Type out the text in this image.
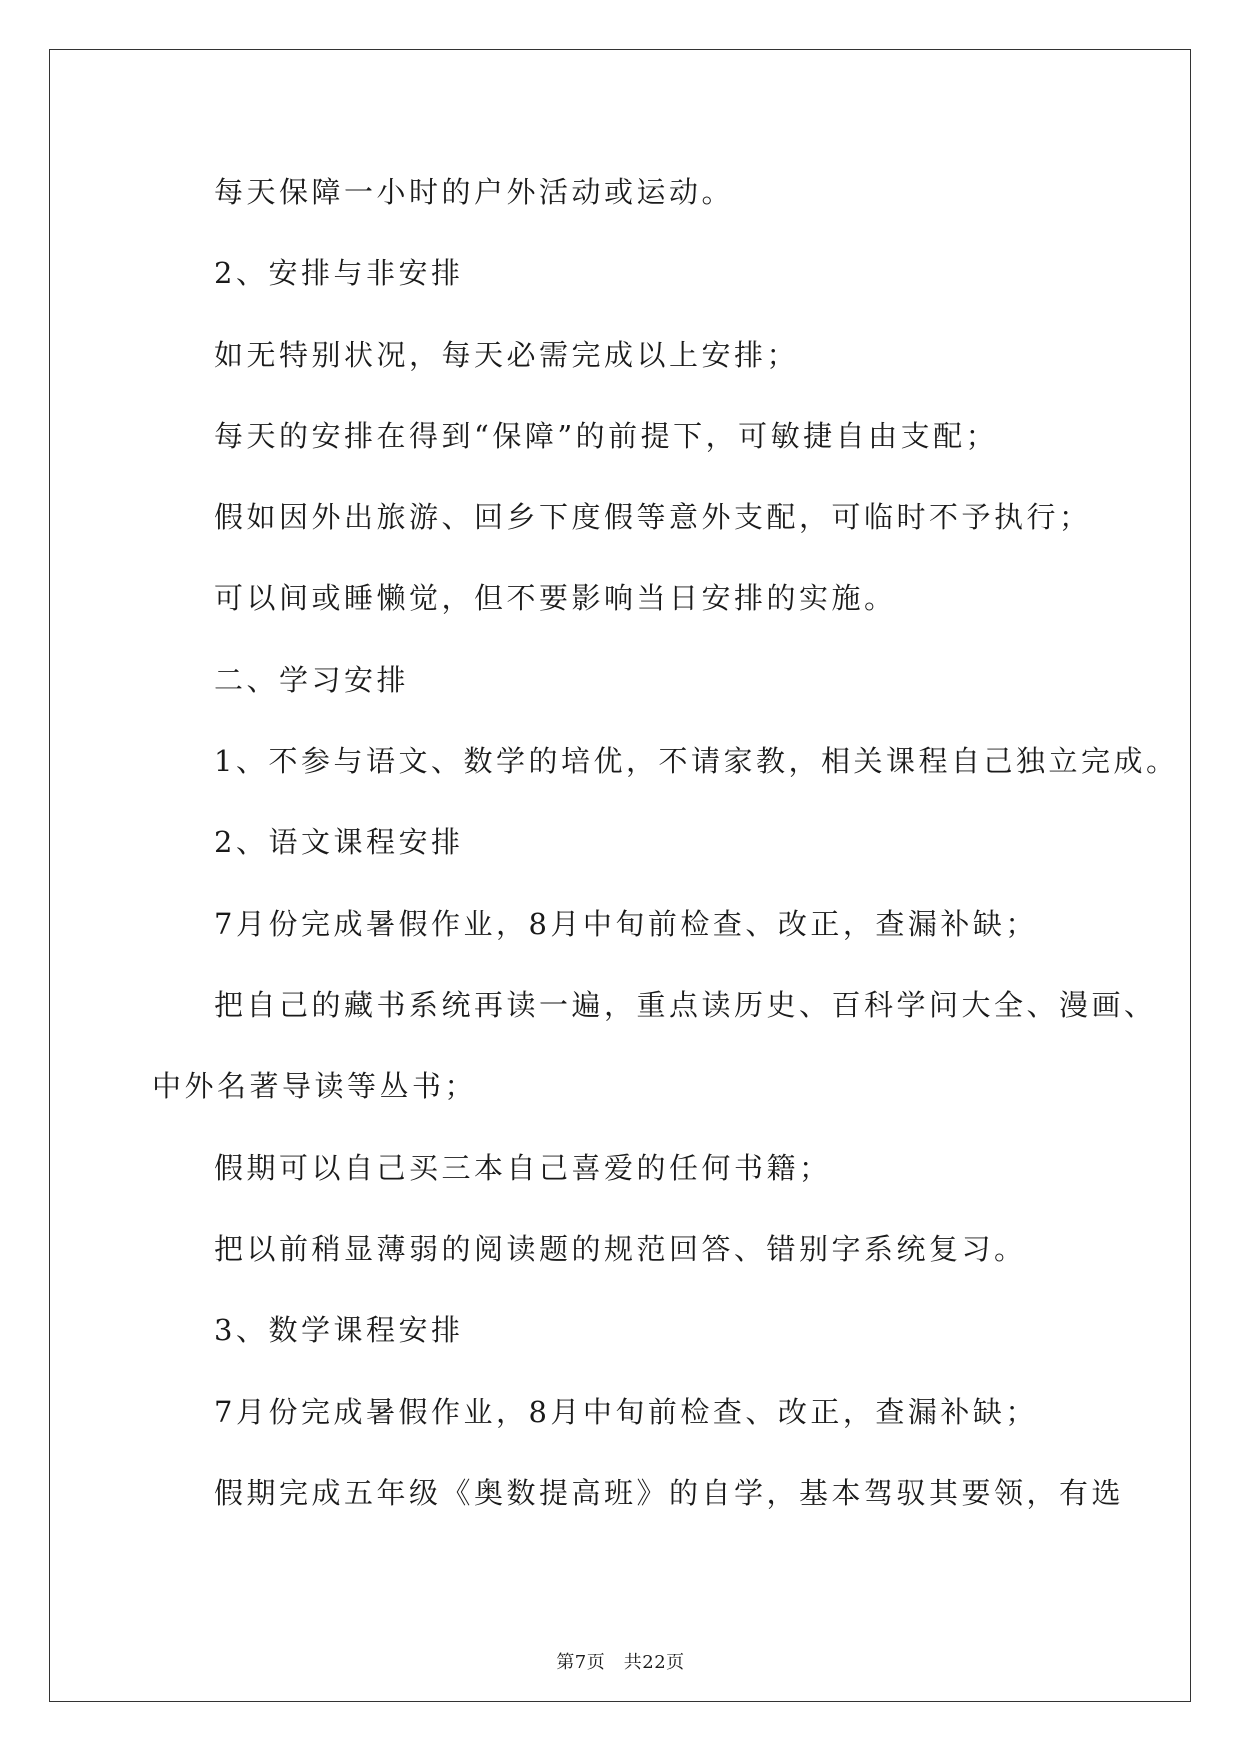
每天保障一小时的户外活动或运动。
2、安排与非安排
如无特别状况，每天必需完成以上安排；
每天的安排在得到“保障”的前提下，可敏捷自由支配；
假如因外出旅游、回乡下度假等意外支配，可临时不予执行；
可以间或睡懒觉，但不要影响当日安排的实施。
二、学习安排
1、不参与语文、数学的培优，不请家教，相关课程自己独立完成。
2、语文课程安排
7月份完成暑假作业，8月中旬前检查、改正，查漏补缺；
把自己的藏书系统再读一遍，重点读历史、百科学问大全、漫画、
中外名著导读等丛书；
假期可以自己买三本自己喜爱的任何书籍；
把以前稍显薄弱的阅读题的规范回答、错别字系统复习。
3、数学课程安排
7月份完成暑假作业，8月中旬前检查、改正，查漏补缺；
假期完成五年级《奥数提高班》的自学，基本驾驭其要领，有选
第7页　共22页
